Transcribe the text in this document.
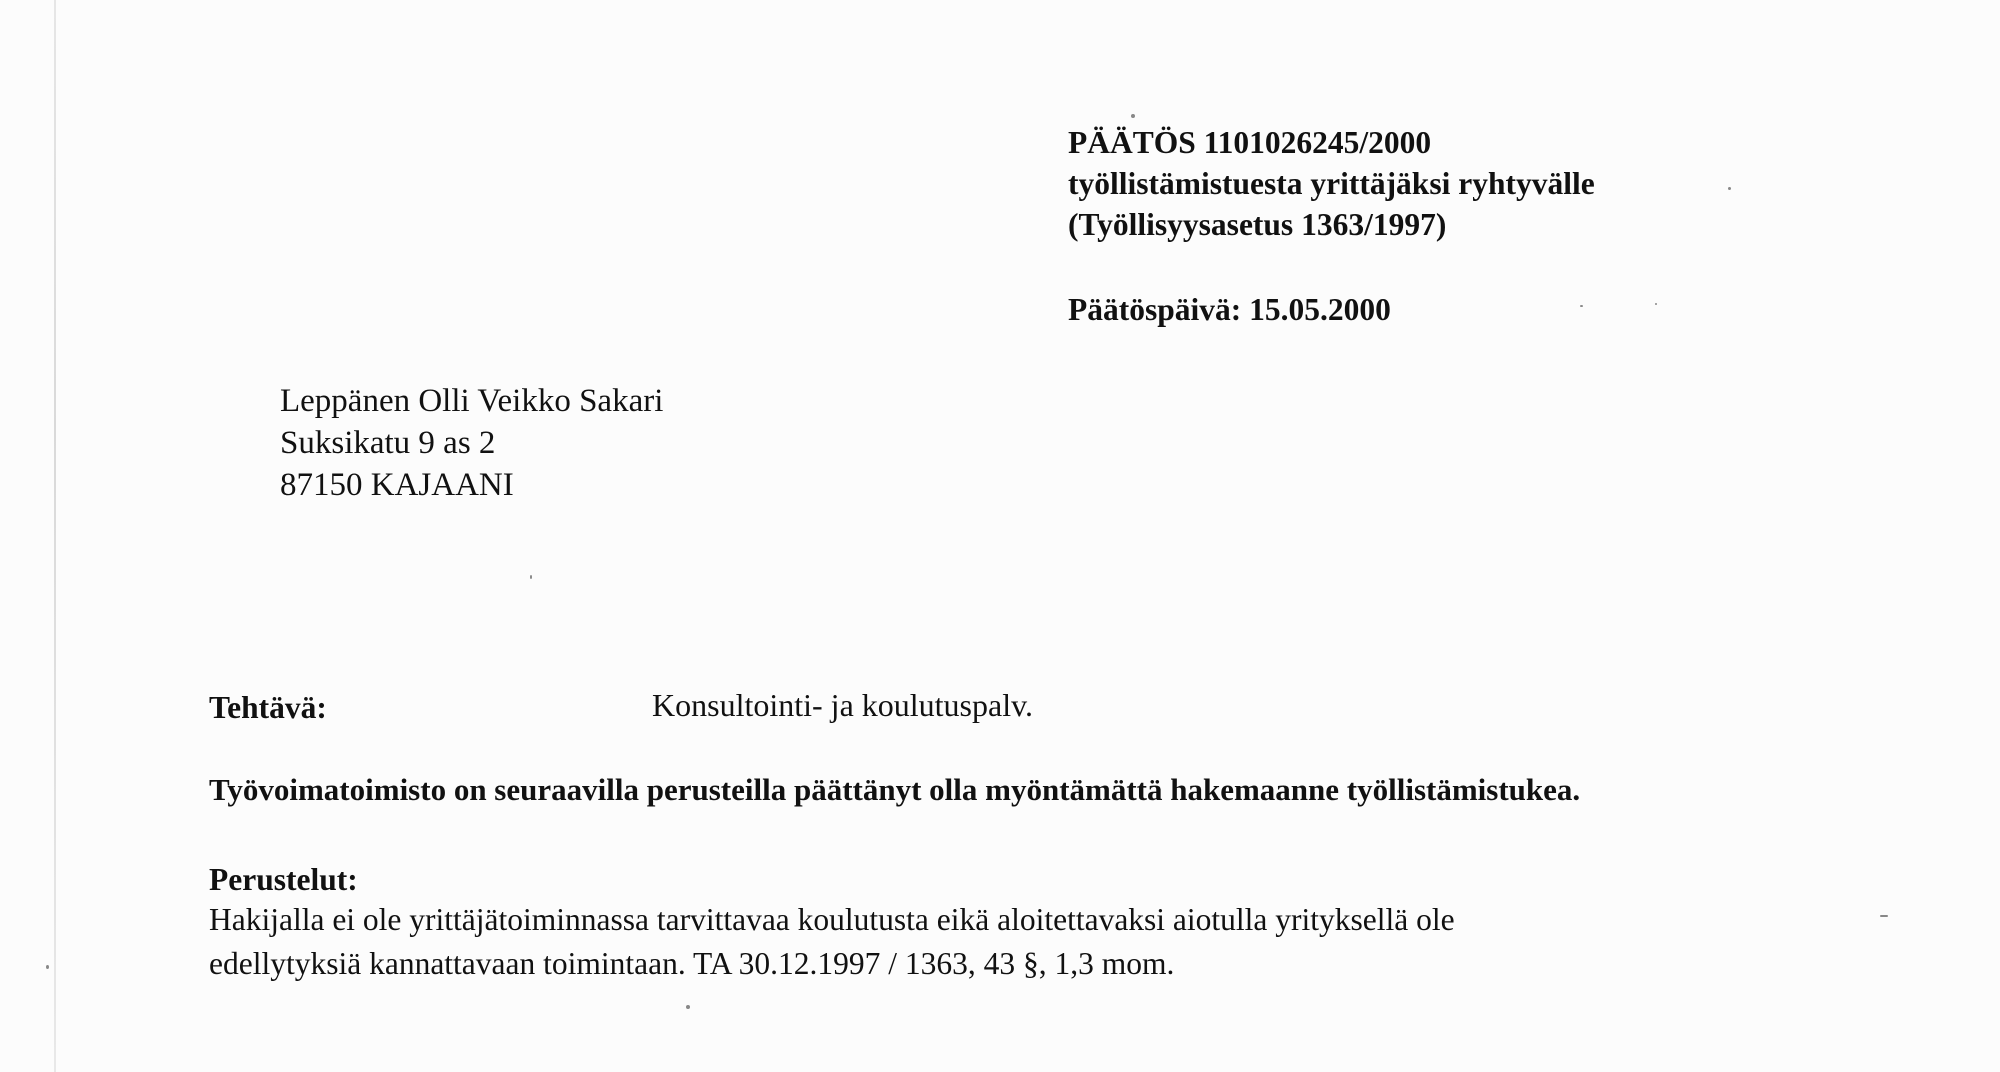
PÄÄTÖS 1101026245/2000
työllistämistuesta yrittäjäksi ryhtyvälle
(Työllisyysasetus 1363/1997)
Päätöspäivä: 15.05.2000
Leppänen Olli Veikko Sakari
Suksikatu 9 as 2
87150 KAJAANI
Tehtävä:	Konsultointi- ja koulutuspalv.
Työvoimatoimisto on seuraavilla perusteilla päättänyt olla myöntämättä hakemaanne työllistämistukea.
Perustelut:
Hakijalla ei ole yrittäjätoiminnassa tarvittavaa koulutusta eikä aloitettavaksi aiotulla yrityksellä ole
edellytyksiä kannattavaan toimintaan. TA 30.12.1997 / 1363, 43 §, 1,3 mom.
